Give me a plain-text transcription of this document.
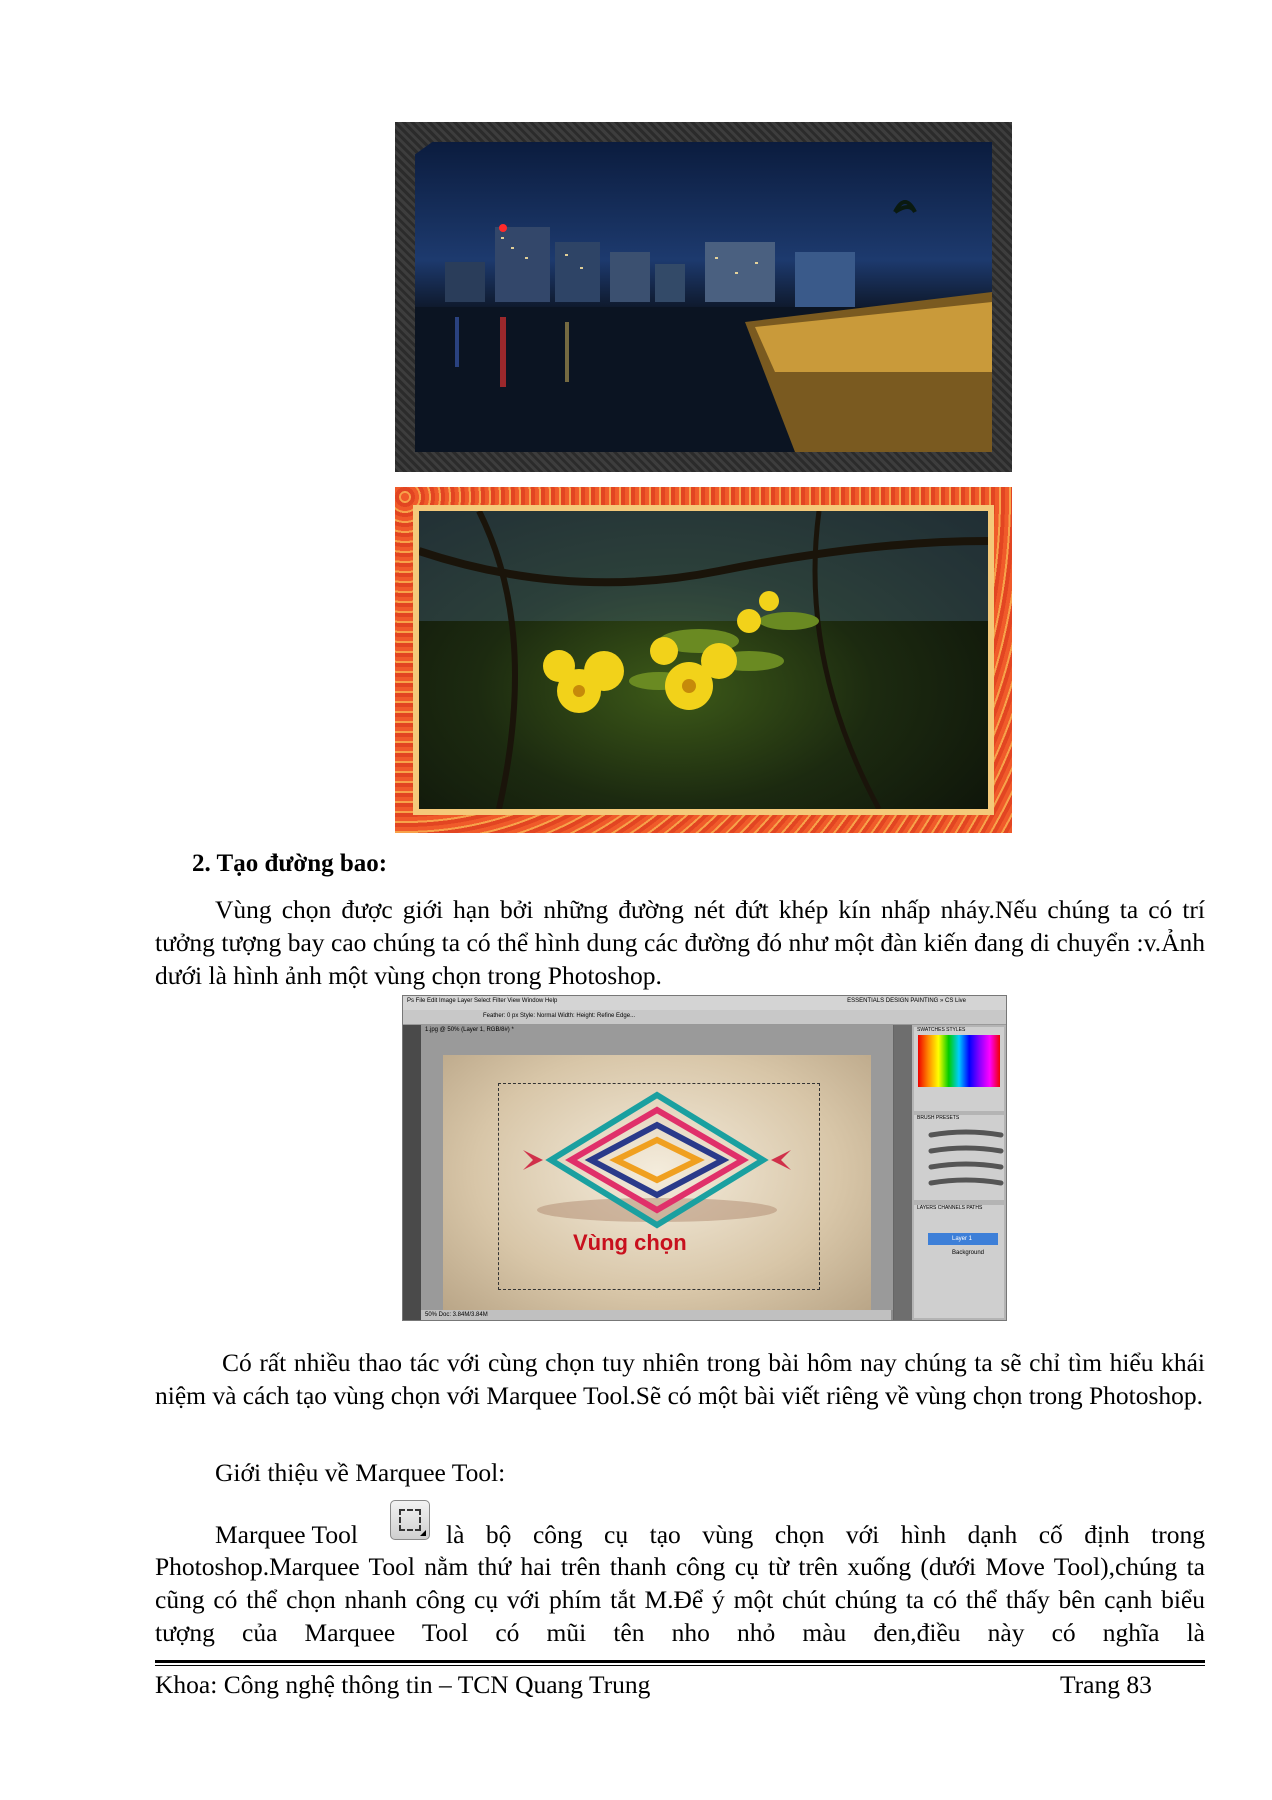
2. Tạo đường bao:
Vùng chọn được giới hạn bởi những đường nét đứt khép kín nhấp nháy.Nếu chúng ta có trí tưởng tượng bay cao chúng ta có thể hình dung các đường đó như một đàn kiến đang di chuyển :v.Ảnh dưới là hình ảnh một vùng chọn trong Photoshop.
Ps File Edit Image Layer Select Filter View Window Help	ESSENTIALS DESIGN PAINTING » CS Live
Feather: 0 px Style: Normal Width: Height: Refine Edge...
1.jpg @ 50% (Layer 1, RGB/8#) *
Vùng chọn
50% Doc: 3.84M/3.84M
SWATCHES STYLES
BRUSH PRESETS
LAYERS CHANNELS PATHS
Layer 1
Background
Có rất nhiều thao tác với cùng chọn tuy nhiên trong bài hôm nay chúng ta sẽ chỉ tìm hiểu khái niệm và cách tạo vùng chọn với Marquee Tool.Sẽ có một bài viết riêng về vùng chọn trong Photoshop.
Giới thiệu về Marquee Tool:
Marquee Tool	là bộ công cụ tạo vùng chọn với hình dạnh cố định trong
Photoshop.Marquee Tool nằm thứ hai trên thanh công cụ từ trên xuống (dưới Move Tool),chúng ta cũng có thể chọn nhanh công cụ với phím tắt M.Để ý một chút chúng ta có thể thấy bên cạnh biểu tượng của Marquee Tool có mũi tên nho nhỏ màu đen,điều này có nghĩa là
Khoa: Công nghệ thông tin – TCN Quang Trung	Trang 83
